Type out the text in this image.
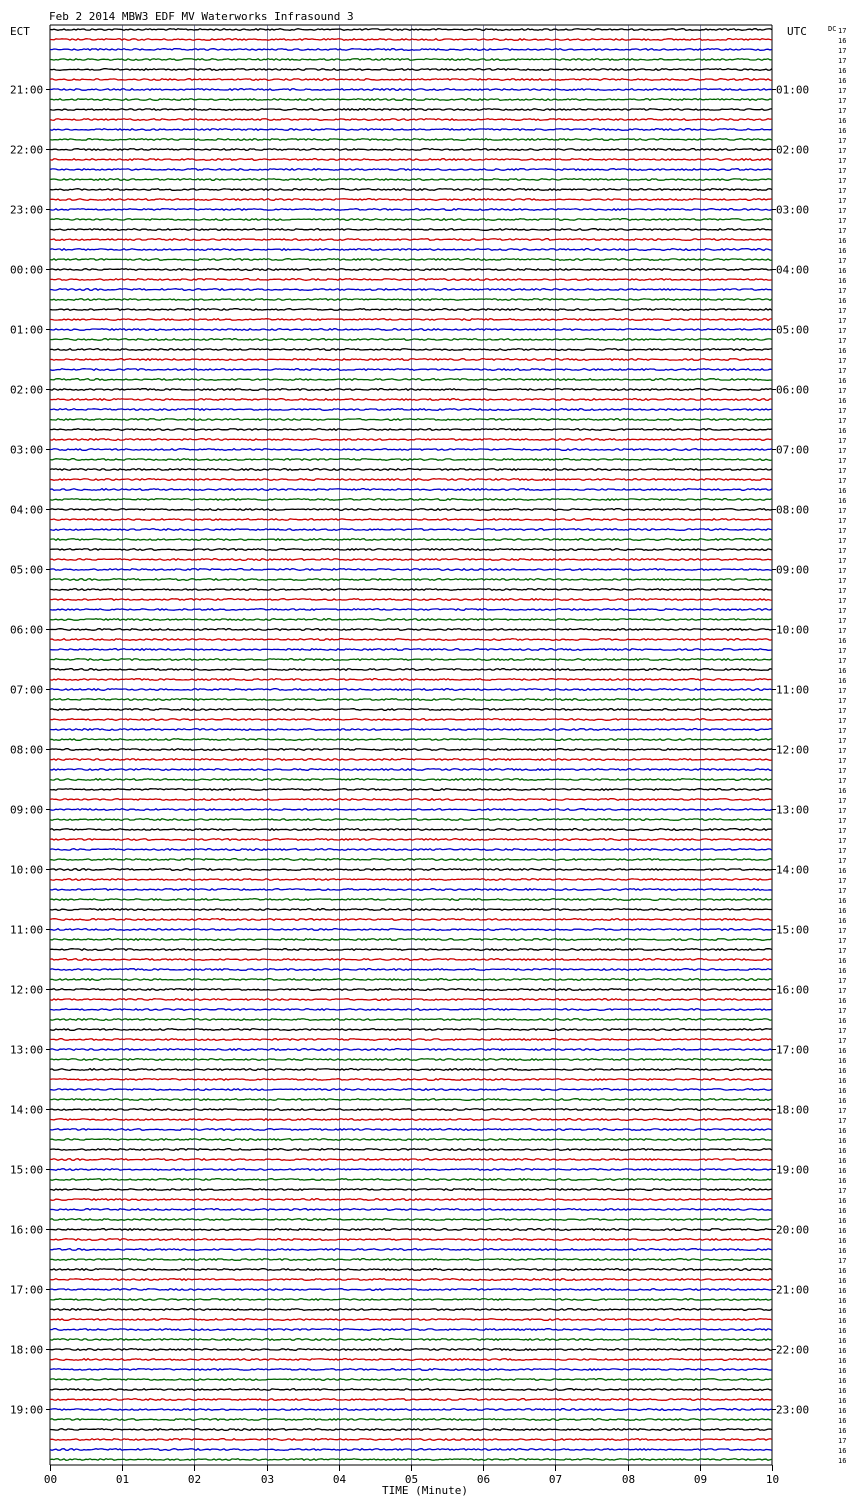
Feb 2 2014 MBW3 EDF MV Waterworks Infrasound 3
ECT	UTC	DC
TIME (Minute)
00	01	02	03	04	05	06	07	08	09	10
21:00
22:00
23:00
00:00
01:00
02:00
03:00
04:00
05:00
06:00
07:00
08:00
09:00
10:00
11:00
12:00
13:00
14:00
15:00
16:00
17:00
18:00
19:00
01:00
02:00
03:00
04:00
05:00
06:00
07:00
08:00
09:00
10:00
11:00
12:00
13:00
14:00
15:00
16:00
17:00
18:00
19:00
20:00
21:00
22:00
23:00
17
16
17
17
16
16
17
17
17
16
16
17
17
17
17
17
17
17
17
17
17
16
16
17
16
16
17
16
17
17
17
17
16
17
17
16
17
16
17
17
16
17
17
17
17
17
16
16
17
17
17
17
17
17
17
17
17
17
17
17
17
16
17
17
16
16
17
17
17
17
17
17
17
17
17
17
16
17
17
17
17
17
17
17
16
17
17
16
16
16
17
17
17
16
16
17
17
16
17
16
17
17
16
16
16
16
16
16
17
17
16
16
16
16
16
16
17
16
16
16
16
16
16
17
16
16
16
16
16
16
16
16
16
16
16
16
16
16
16
16
16
17
16
16
